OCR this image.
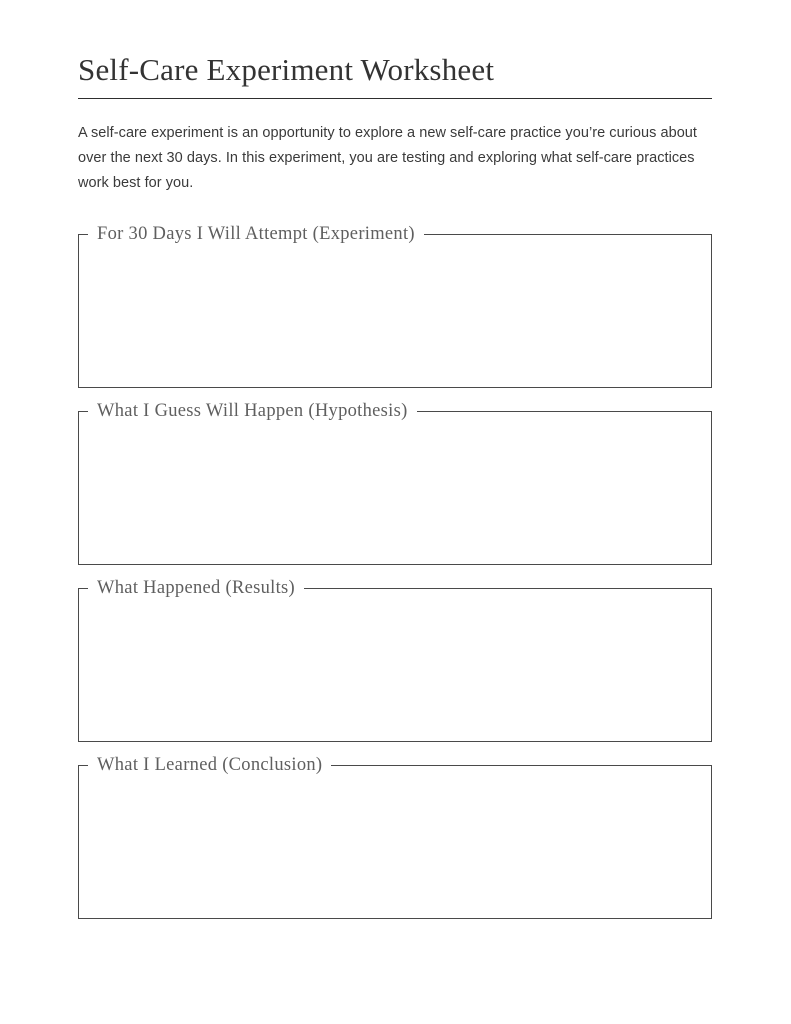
Self-Care Experiment Worksheet

A self-care experiment is an opportunity to explore a new self-care practice you’re curious about over the next 30 days. In this experiment, you are testing and exploring what self-care practices work best for you.

For 30 Days I Will Attempt (Experiment)
What I Guess Will Happen (Hypothesis)
What Happened (Results)
What I Learned (Conclusion)
